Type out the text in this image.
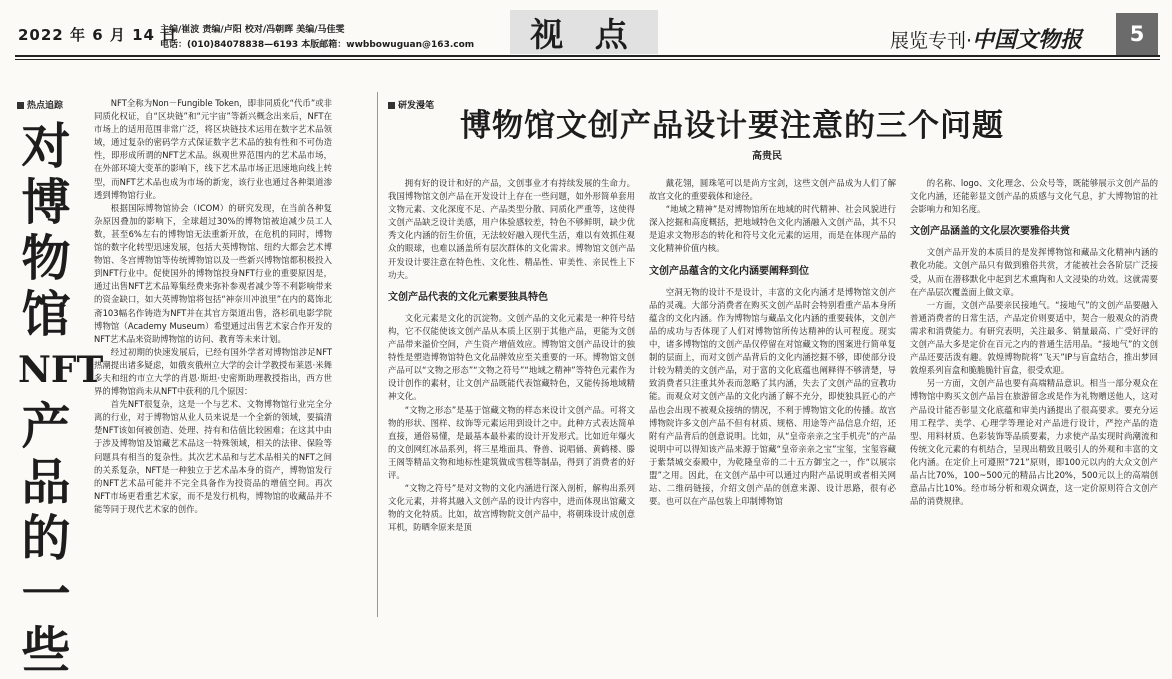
2022 年 6 月 14 日
主编/崔波 责编/卢阳 校对/冯朝晖 美编/马佳雯
电话：(010)84078838—6193 本版邮箱：wwbbowuguan@163.com 视 点	展览专刊·中国文物报	5
热点追踪
对
博
物
馆
NFT
产
品
的
一
些

NFT全称为Non－Fungible Token，即非同质化“代币”或非同质化权证，自“区块链”和“元宇宙”等新兴概念出来后，NFT在市场上的适用范围非常广泛，将区块链技术运用在数字艺术品领域，通过复杂的密码学方式保证数字艺术品的独有性和不可伪造性，即形成所谓的NFT艺术品。纵观世界范围内的艺术品市场，在外部环境大变革的影响下，线下艺术品市场正迅速地向线上转型，而NFT艺术品也成为市场的新宠，该行业也通过各种渠道渗透到博物馆行业。

根据国际博物馆协会（ICOM）的研究发现，在当前各种复杂原因叠加的影响下，全球超过30%的博物馆被迫减少员工人数，甚至6%左右的博物馆无法重新开放，在危机的同时，博物馆的数字化转型迅速发展，包括大英博物馆、纽约大都会艺术博物馆、冬宫博物馆等传统博物馆以及一些新兴博物馆都积极投入到NFT行业中。促使国外的博物馆投身NFT行业的重要原因是，通过出售NFT艺术品筹集经费来弥补参观者减少等不利影响带来的资金缺口，如大英博物馆将包括“神奈川冲浪里”在内的葛饰北斋103幅名作铸造为NFT并在其官方渠道出售，洛杉矶电影学院博物馆（Academy Museum）希望通过出售艺术家合作开发的NFT艺术品来资助博物馆的访问、教育等未来计划。

经过初期的快速发展后，已经有国外学者对博物馆涉足NFT热潮提出诸多疑虑，如俄亥俄州立大学的会计学教授布莱恩·米舞多夫和纽约市立大学的肖恩·斯坦·史密斯助理教授指出，西方世界的博物馆尚未从NFT中获利的几个原因：

首先NFT很复杂，这是一个与艺术、文物博物馆行业完全分离的行业，对于博物馆从业人员来说是一个全新的领域，要搞清楚NFT该如何被创造、处理、持有和估值比较困难；在这其中由于涉及博物馆及馆藏艺术品这一特殊领域，相关的法律、保险等问题具有相当的复杂性。其次艺术品和与艺术品相关的NFT之间的关系复杂，NFT是一种独立于艺术品本身的资产，博物馆发行的NFT艺术品可能并不完全具备作为投资品的增值空间。再次NFT市场更看重艺术家，而不是发行机构，博物馆的收藏品并不能等同于现代艺术家的创作。

研发漫笔
博物馆文创产品设计要注意的三个问题
高贵民

拥有好的设计和好的产品，文创事业才有持续发展的生命力。我国博物馆文创产品在开发设计上存在一些问题，如外形简单套用文物元素、文化深度不足、产品类型分散、同质化严重等，这使得文创产品缺乏设计美感，用户体验感较差，特色不够鲜明，缺少优秀文化内涵的衍生价值，无法较好融入现代生活，难以有效抓住观众的眼球，也难以涵盖所有层次群体的文化需求。博物馆文创产品开发设计要注意在特色性、文化性、精品性、审美性、亲民性上下功夫。

文创产品代表的文化元素要独具特色

文化元素是文化的沉淀物。文创产品的文化元素是一种符号结构，它不仅能使该文创产品从本质上区别于其他产品，更能为文创产品带来溢价空间，产生资产增值效应。博物馆文创产品设计的独特性是塑造博物馆特色文化品牌效应至关重要的一环。博物馆文创产品可以“文物之形态”“文物之符号”“地域之精神”等特色元素作为设计创作的素材，让文创产品既能代表馆藏特色，又能传扬地域精神文化。

“文物之形态”是基于馆藏文物的样态来设计文创产品。可将文物的形状、图样、纹饰等元素运用到设计之中。此种方式表达简单直接，通俗易懂，是最基本最朴素的设计开发形式。比如近年爆火的文创网红冰品系列，将三星堆面具、脊兽、说唱俑、黄鹤楼、滕王阁等精品文物和地标性建筑做成雪糕等制品，得到了消费者的好评。

“文物之符号”是对文物的文化内涵进行深入剖析，解构出系列文化元素，并将其融入文创产品的设计内容中，进而体现出馆藏文物的文化特质。比如，故宫博物院文创产品中，将朝珠设计成创意耳机，防晒伞原来是顶

戴花翎，圆珠笔可以是尚方宝剑，这些文创产品成为人们了解故宫文化的重要载体和途径。

“地域之精神”是对博物馆所在地域的时代精神、社会风貌进行深入挖掘和高度概括，把地域特色文化内涵融入文创产品，其不只是追求文物形态的转化和符号文化元素的运用，而是在体现产品的文化精神价值内核。

文创产品蕴含的文化内涵要阐释到位

空洞无物的设计不是设计，丰富的文化内涵才是博物馆文创产品的灵魂。大部分消费者在购买文创产品时会特别看重产品本身所蕴含的文化内涵。作为博物馆与藏品文化内涵的重要载体，文创产品的成功与否体现了人们对博物馆所传达精神的认可程度。现实中，诸多博物馆的文创产品仅停留在对馆藏文物的图案进行简单复制的层面上，而对文创产品背后的文化内涵挖掘不够，即使部分设计较为精美的文创产品，对于富的文化底蕴也阐释得不够清楚，导致消费者只注重其外表而忽略了其内涵，失去了文创产品的宣教功能。而观众对文创产品的文化内涵了解不充分，即使独具匠心的产品也会出现不被观众接纳的情况，不利于博物馆文化的传播。故宫博物院许多文创产品不但有材质、规格、用途等产品信息介绍，还附有产品背后的创意说明。比如，从“皇帝亲亲之宝手机壳”的产品说明中可以得知该产品来源于馆藏“皇帝亲亲之宝”宝玺，宝玺容藏于紫禁城交泰殿中，为乾隆皇帝的二十五方御宝之一，作“以展宗盟”之用。因此，在文创产品中可以通过内附产品说明或者相关网站、二维码链接，介绍文创产品的创意来源、设计思路，很有必要。也可以在产品包装上印制博物馆

的名称、logo、文化理念、公众号等，既能够展示文创产品的文化内涵，还能彰显文创产品的质感与文化气息，扩大博物馆的社会影响力和知名度。

文创产品涵盖的文化层次要雅俗共赏

文创产品开发的本质目的是发挥博物馆和藏品文化精神内涵的教化功能。文创产品只有做到雅俗共赏，才能被社会各阶层广泛接受，从而在潜移默化中起到艺术熏陶和人文浸染的功效。这就需要在产品层次覆盖面上做文章。

一方面，文创产品要亲民接地气。“接地气”的文创产品要融入普通消费者的日常生活，产品定价则要适中，契合一般观众的消费需求和消费能力。有研究表明，关注最多、销量最高、广受好评的文创产品大多是定价在百元之内的普通生活用品。“接地气”的文创产品还要活泼有趣。敦煌博物院将“飞天”IP与盲盒结合，推出梦回敦煌系列盲盒和脆脆脆针盲盒，很受欢迎。

另一方面，文创产品也要有高端精品意识。相当一部分观众在博物馆中购买文创产品旨在旅游留念或是作为礼物赠送他人，这对产品设计能否彰显文化底蕴和审美内涵提出了很高要求。要充分运用工程学、美学、心理学等理论对产品进行设计，严控产品的造型、用料材质、色彩装饰等品质要素，力求使产品实现时尚潮流和传统文化元素的有机结合，呈现出精致且吸引人的外观和丰富的文化内涵。在定价上可遵照“721”原则，即100元以内的大众文创产品占比70%，100~500元的精品占比20%，500元以上的高端创意品占比10%。经市场分析和观众调查，这一定价原则符合文创产品的消费规律。
